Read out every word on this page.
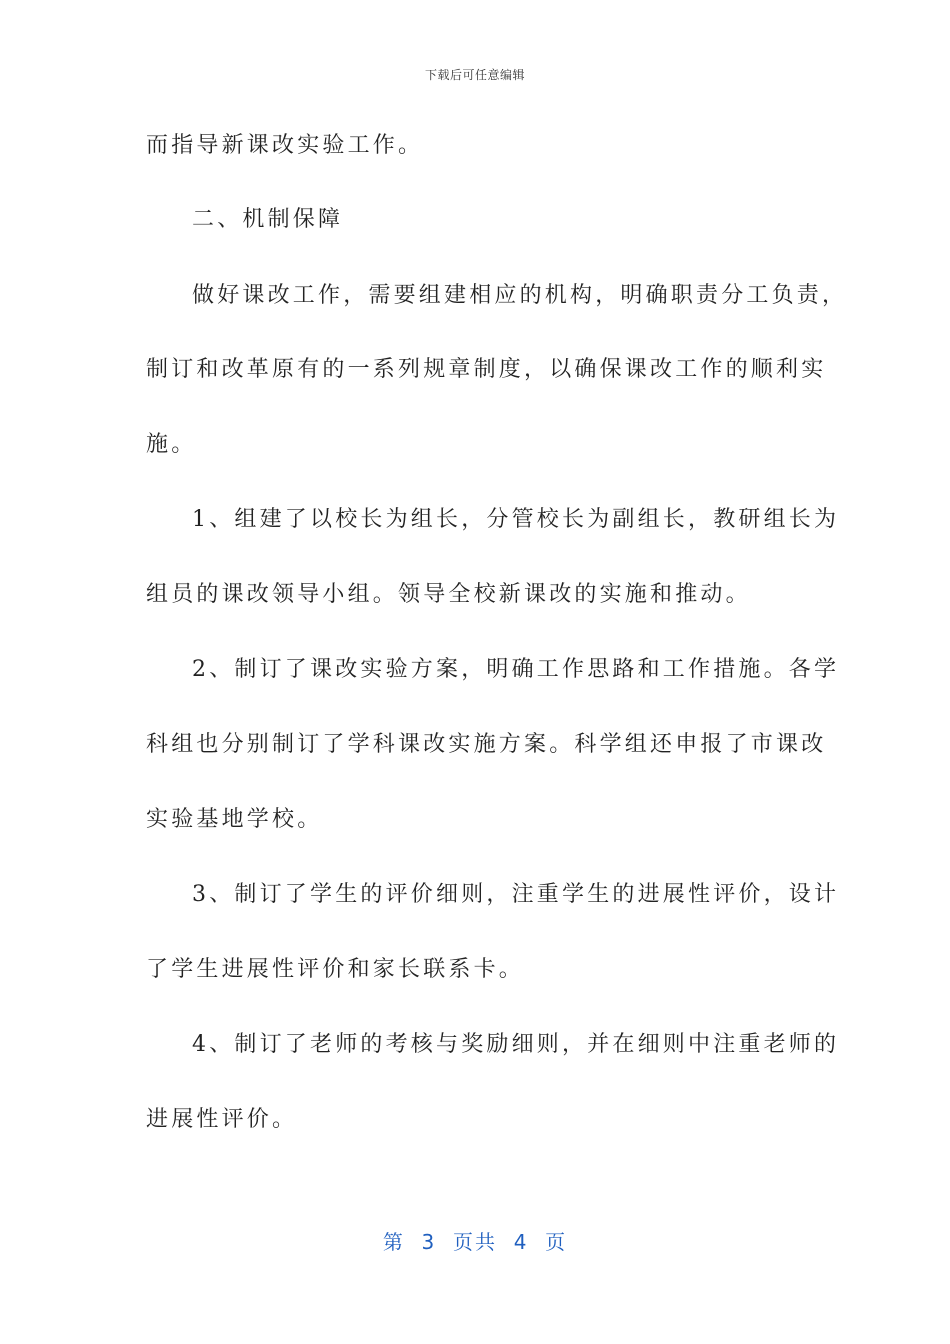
下载后可任意编辑
而指导新课改实验工作。
二、机制保障
做好课改工作，需要组建相应的机构，明确职责分工负责，
制订和改革原有的一系列规章制度，以确保课改工作的顺利实
施。
1、组建了以校长为组长，分管校长为副组长，教研组长为
组员的课改领导小组。领导全校新课改的实施和推动。
2、制订了课改实验方案，明确工作思路和工作措施。各学
科组也分别制订了学科课改实施方案。科学组还申报了市课改
实验基地学校。
3、制订了学生的评价细则，注重学生的进展性评价，设计
了学生进展性评价和家长联系卡。
4、制订了老师的考核与奖励细则，并在细则中注重老师的
进展性评价。
第  3  页共  4  页
